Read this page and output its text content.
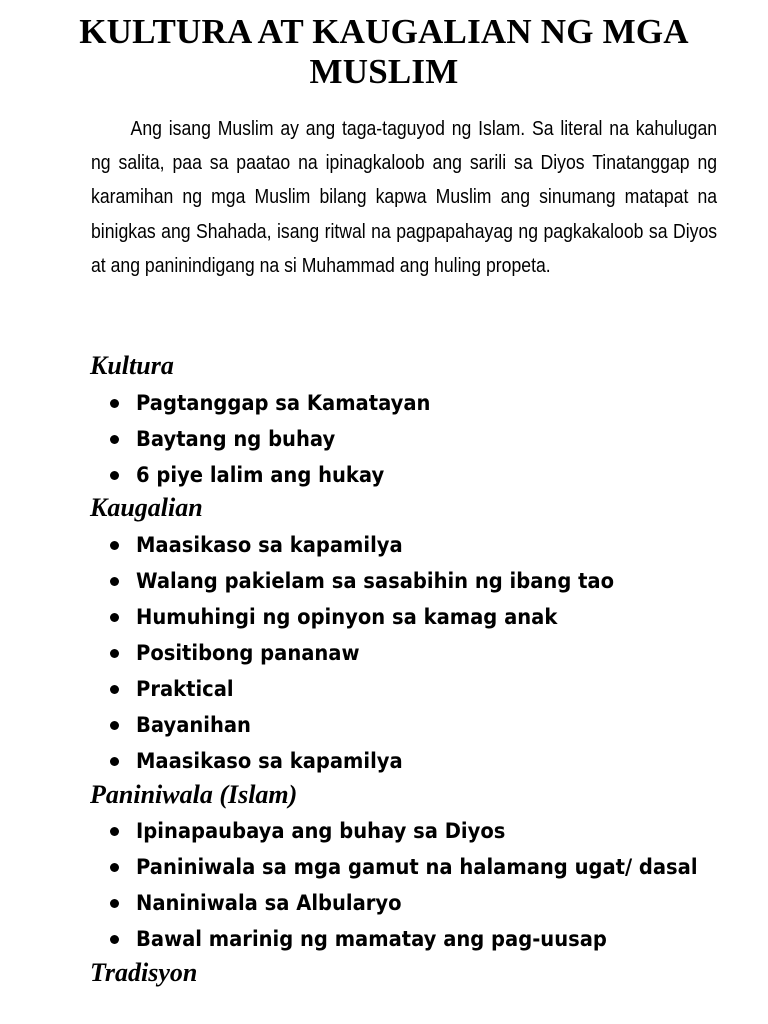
KULTURA AT KAUGALIAN NG MGA MUSLIM

Ang isang Muslim ay ang taga-taguyod ng Islam. Sa literal na kahulugan ng salita, paa sa paatao na ipinagkaloob ang sarili sa Diyos Tinatanggap ng karamihan ng mga Muslim bilang kapwa Muslim ang sinumang matapat na binigkas ang Shahada, isang ritwal na pagpapahayag ng pagkakaloob sa Diyos at ang paninindigang na si Muhammad ang huling propeta.

Kultura
Pagtanggap sa Kamatayan
Baytang ng buhay
6 piye lalim ang hukay
Kaugalian
Maasikaso sa kapamilya
Walang pakielam sa sasabihin ng ibang tao
Humuhingi ng opinyon sa kamag anak
Positibong pananaw
Praktical
Bayanihan
Maasikaso sa kapamilya
Paniniwala (Islam)
Ipinapaubaya ang buhay sa Diyos
Paniniwala sa mga gamut na halamang ugat/ dasal
Naniniwala sa Albularyo
Bawal marinig ng mamatay ang pag-uusap
Tradisyon
